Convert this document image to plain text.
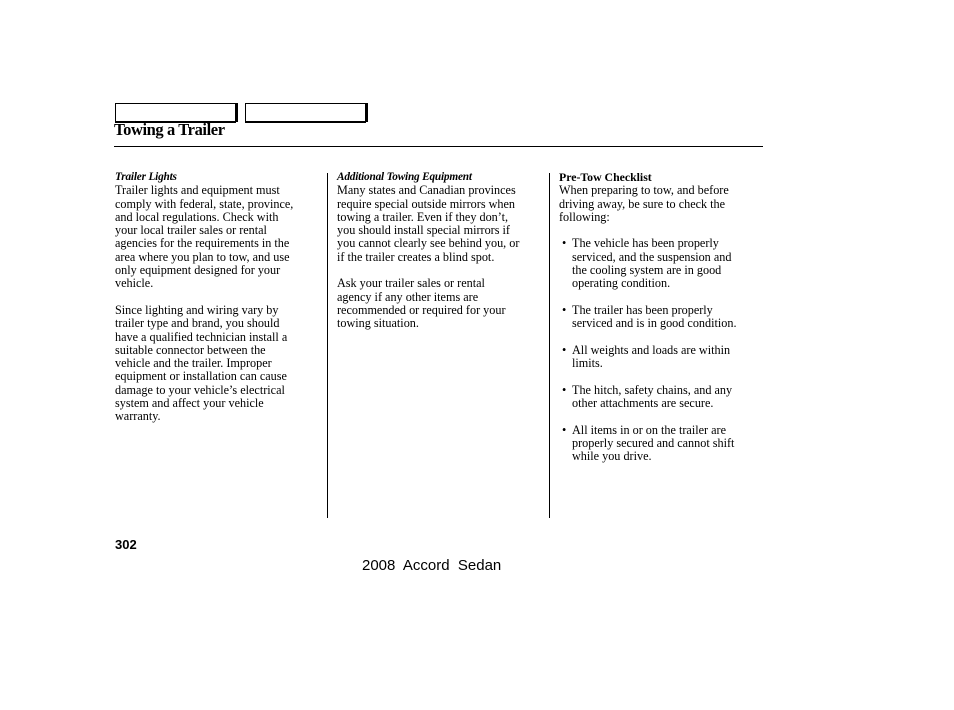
Towing a Trailer
Trailer Lights
Trailer lights and equipment must
comply with federal, state, province,
and local regulations. Check with
your local trailer sales or rental
agencies for the requirements in the
area where you plan to tow, and use
only equipment designed for your
vehicle.
Since lighting and wiring vary by
trailer type and brand, you should
have a qualified technician install a
suitable connector between the
vehicle and the trailer. Improper
equipment or installation can cause
damage to your vehicle’s electrical
system and affect your vehicle
warranty.
Additional Towing Equipment
Many states and Canadian provinces
require special outside mirrors when
towing a trailer. Even if they don’t,
you should install special mirrors if
you cannot clearly see behind you, or
if the trailer creates a blind spot.
Ask your trailer sales or rental
agency if any other items are
recommended or required for your
towing situation.
Pre-Tow Checklist
When preparing to tow, and before
driving away, be sure to check the
following:
• The vehicle has been properly
serviced, and the suspension and
the cooling system are in good
operating condition.
• The trailer has been properly
serviced and is in good condition.
• All weights and loads are within
limits.
• The hitch, safety chains, and any
other attachments are secure.
• All items in or on the trailer are
properly secured and cannot shift
while you drive.
302
2008  Accord  Sedan
